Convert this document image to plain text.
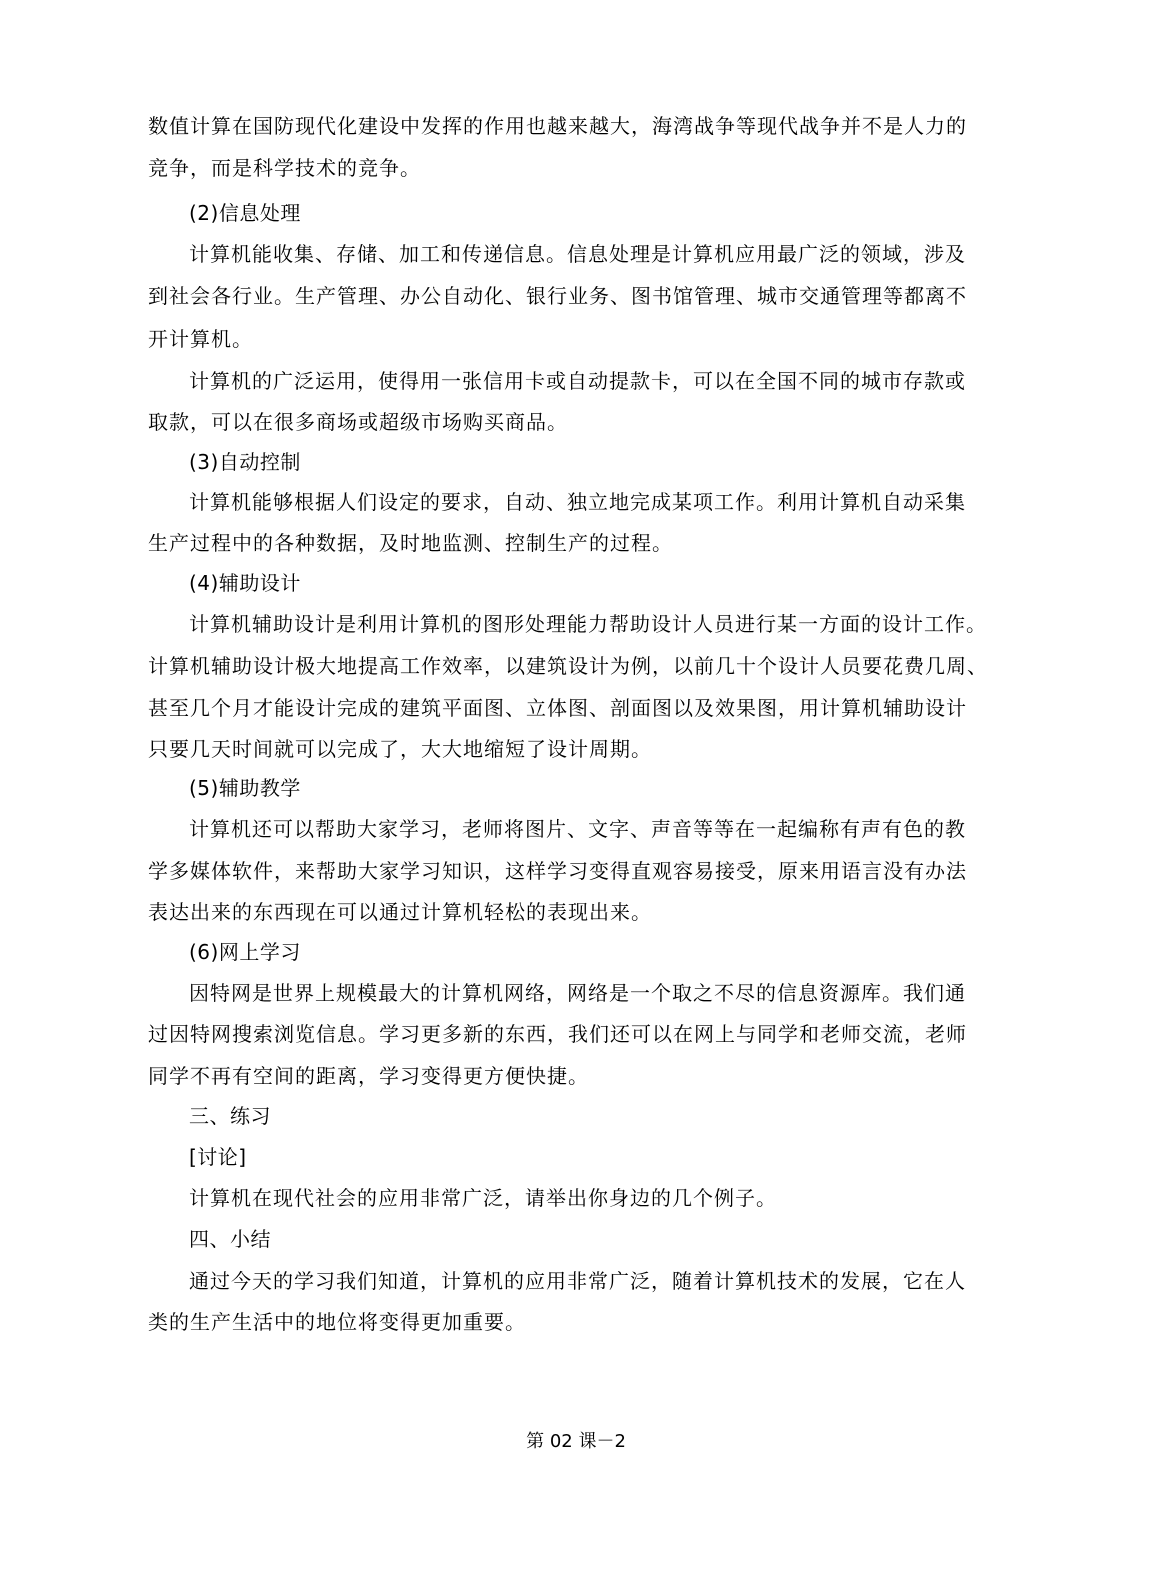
数值计算在国防现代化建设中发挥的作用也越来越大，海湾战争等现代战争并不是人力的
竞争，而是科学技术的竞争。
(2)信息处理
计算机能收集、存储、加工和传递信息。信息处理是计算机应用最广泛的领域，涉及
到社会各行业。生产管理、办公自动化、银行业务、图书馆管理、城市交通管理等都离不
开计算机。
计算机的广泛运用，使得用一张信用卡或自动提款卡，可以在全国不同的城市存款或
取款，可以在很多商场或超级市场购买商品。
(3)自动控制
计算机能够根据人们设定的要求，自动、独立地完成某项工作。利用计算机自动采集
生产过程中的各种数据，及时地监测、控制生产的过程。
(4)辅助设计
计算机辅助设计是利用计算机的图形处理能力帮助设计人员进行某一方面的设计工作。
计算机辅助设计极大地提高工作效率，以建筑设计为例，以前几十个设计人员要花费几周、
甚至几个月才能设计完成的建筑平面图、立体图、剖面图以及效果图，用计算机辅助设计
只要几天时间就可以完成了，大大地缩短了设计周期。
(5)辅助教学
计算机还可以帮助大家学习，老师将图片、文字、声音等等在一起编称有声有色的教
学多媒体软件，来帮助大家学习知识，这样学习变得直观容易接受，原来用语言没有办法
表达出来的东西现在可以通过计算机轻松的表现出来。
(6)网上学习
因特网是世界上规模最大的计算机网络，网络是一个取之不尽的信息资源库。我们通
过因特网搜索浏览信息。学习更多新的东西，我们还可以在网上与同学和老师交流，老师
同学不再有空间的距离，学习变得更方便快捷。
三、练习
[讨论]
计算机在现代社会的应用非常广泛，请举出你身边的几个例子。
四、小结
通过今天的学习我们知道，计算机的应用非常广泛，随着计算机技术的发展，它在人
类的生产生活中的地位将变得更加重要。
第 02 课－2
